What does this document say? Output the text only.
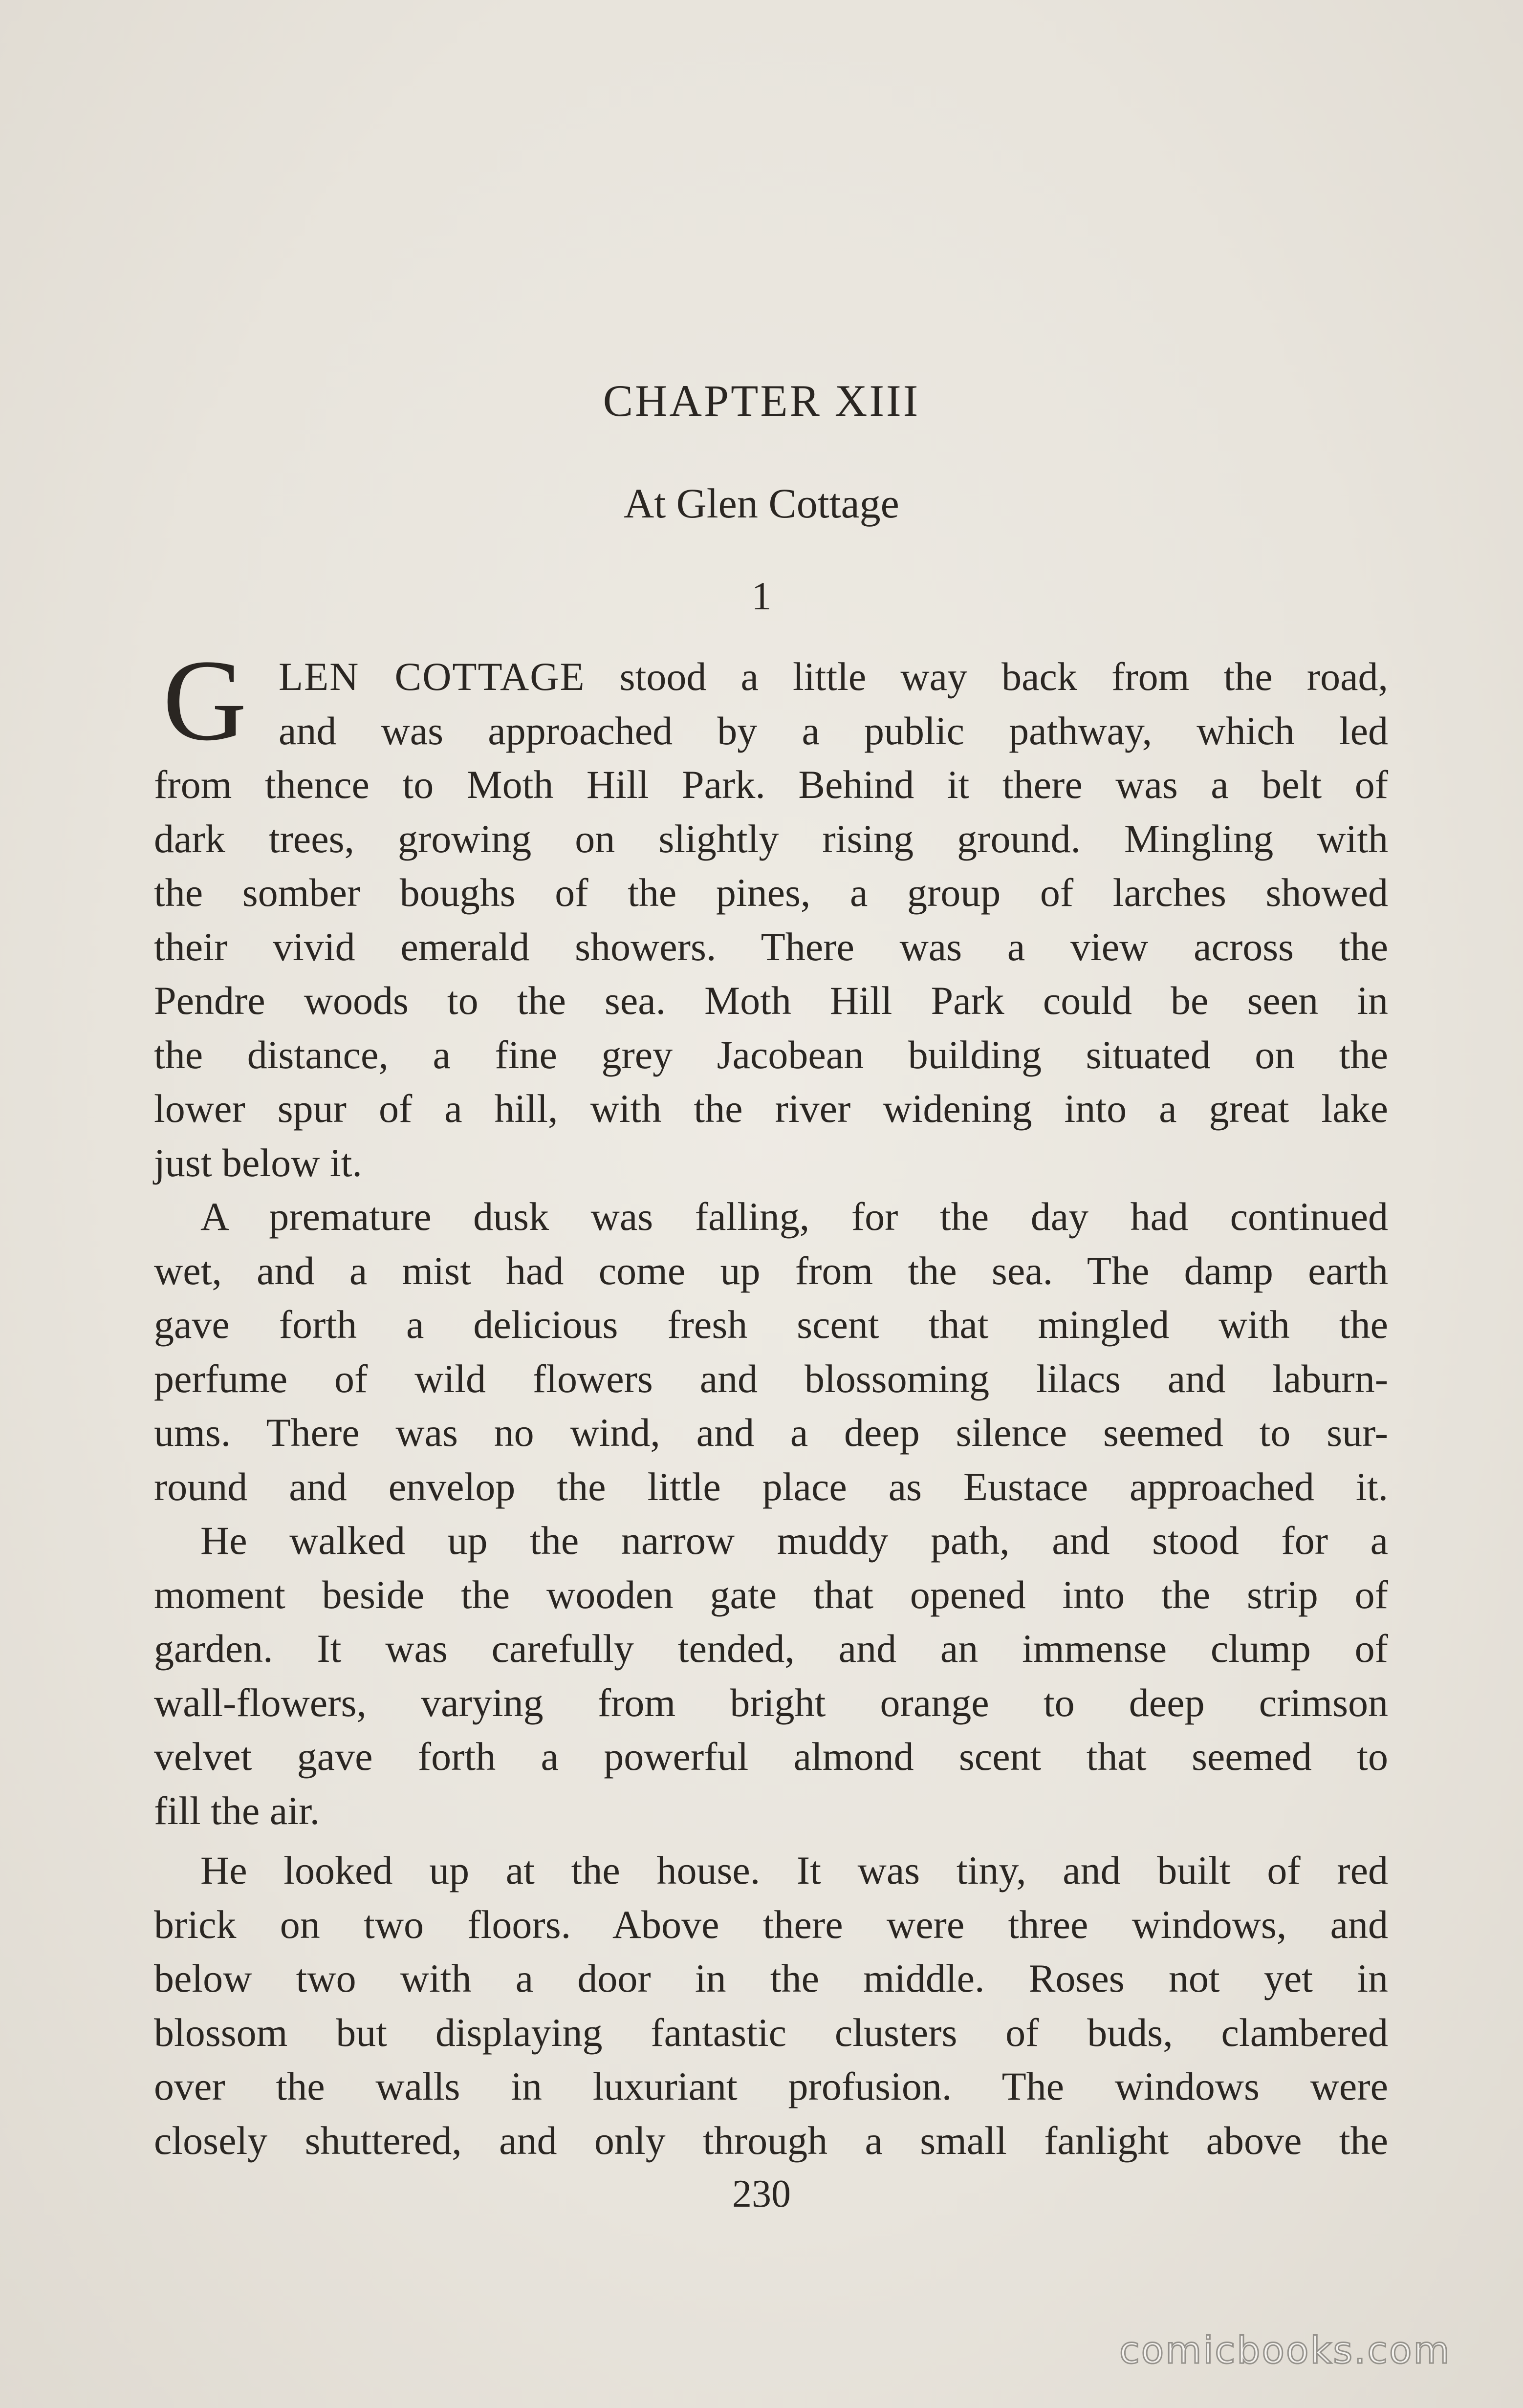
CHAPTER XIII
At Glen Cottage
1
G LEN COTTAGE stood a little way back from the road,
and was approached by a public pathway, which led
from thence to Moth Hill Park. Behind it there was a belt of
dark trees, growing on slightly rising ground. Mingling with
the somber boughs of the pines, a group of larches showed
their vivid emerald showers. There was a view across the
Pendre woods to the sea. Moth Hill Park could be seen in
the distance, a fine grey Jacobean building situated on the
lower spur of a hill, with the river widening into a great lake
just below it.
A premature dusk was falling, for the day had continued
wet, and a mist had come up from the sea. The damp earth
gave forth a delicious fresh scent that mingled with the
perfume of wild flowers and blossoming lilacs and laburn-
ums. There was no wind, and a deep silence seemed to sur-
round and envelop the little place as Eustace approached it.
He walked up the narrow muddy path, and stood for a
moment beside the wooden gate that opened into the strip of
garden. It was carefully tended, and an immense clump of
wall-flowers, varying from bright orange to deep crimson
velvet gave forth a powerful almond scent that seemed to
fill the air.
He looked up at the house. It was tiny, and built of red
brick on two floors. Above there were three windows, and
below two with a door in the middle. Roses not yet in
blossom but displaying fantastic clusters of buds, clambered
over the walls in luxuriant profusion. The windows were
closely shuttered, and only through a small fanlight above the
230
comicbooks.com
